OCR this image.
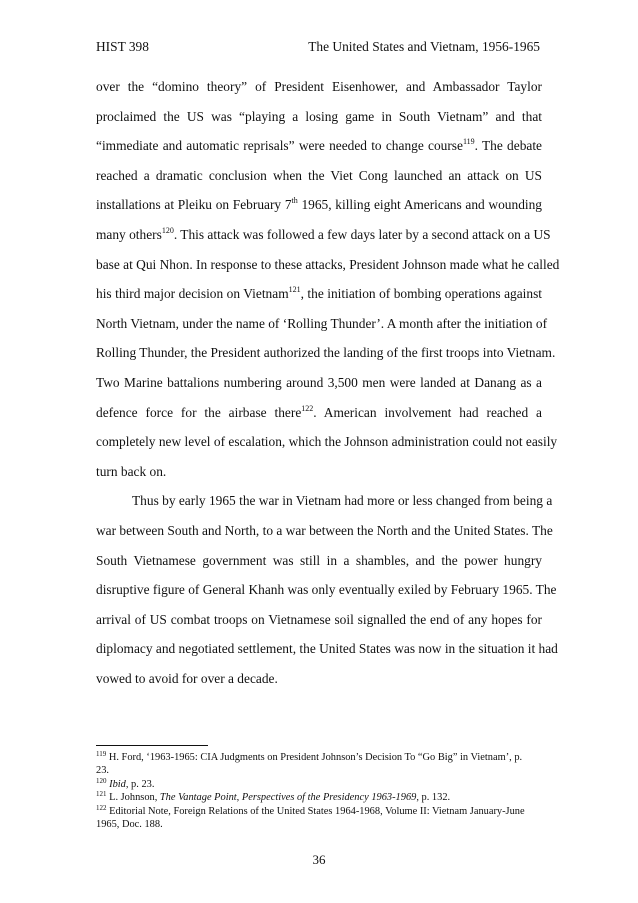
HIST 398	The United States and Vietnam, 1956-1965
over the “domino theory” of President Eisenhower, and Ambassador Taylor
proclaimed the US was “playing a losing game in South Vietnam” and that
“immediate and automatic reprisals” were needed to change course$^{119}$. The debate
reached a dramatic conclusion when the Viet Cong launched an attack on US
installations at Pleiku on February 7th 1965, killing eight Americans and wounding
many others$^{120}$. This attack was followed a few days later by a second attack on a US
base at Qui Nhon. In response to these attacks, President Johnson made what he called
his third major decision on Vietnam$^{121}$, the initiation of bombing operations against
North Vietnam, under the name of ‘Rolling Thunder’. A month after the initiation of
Rolling Thunder, the President authorized the landing of the first troops into Vietnam.
Two Marine battalions numbering around 3,500 men were landed at Danang as a
defence force for the airbase there$^{122}$. American involvement had reached a
completely new level of escalation, which the Johnson administration could not easily
turn back on.
Thus by early 1965 the war in Vietnam had more or less changed from being a
war between South and North, to a war between the North and the United States. The
South Vietnamese government was still in a shambles, and the power hungry
disruptive figure of General Khanh was only eventually exiled by February 1965. The
arrival of US combat troops on Vietnamese soil signalled the end of any hopes for
diplomacy and negotiated settlement, the United States was now in the situation it had
vowed to avoid for over a decade.
$^{119}$ H. Ford, ‘1963-1965: CIA Judgments on President Johnson’s Decision To “Go Big” in Vietnam’, p.
23.
$^{120}$ Ibid, p. 23.
$^{121}$ L. Johnson, The Vantage Point, Perspectives of the Presidency 1963-1969, p. 132.
$^{122}$ Editorial Note, Foreign Relations of the United States 1964-1968, Volume II: Vietnam January-June
1965, Doc. 188.
36
